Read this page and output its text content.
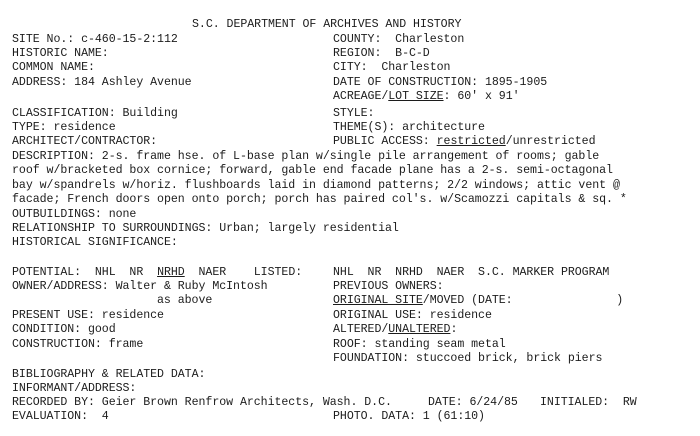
S.C. DEPARTMENT OF ARCHIVES AND HISTORY
SITE No.: c-460-15-2:112
HISTORIC NAME:
COMMON NAME:
ADDRESS: 184 Ashley Avenue
COUNTY:  Charleston
REGION:  B-C-D
CITY:  Charleston
DATE OF CONSTRUCTION: 1895-1905
ACREAGE/LOT SIZE: 60' x 91'
CLASSIFICATION: Building
TYPE: residence
ARCHITECT/CONTRACTOR:
STYLE:
THEME(S): architecture
PUBLIC ACCESS: restricted/unrestricted
DESCRIPTION: 2-s. frame hse. of L-base plan w/single pile arrangement of rooms; gable
roof w/bracketed box cornice; forward, gable end facade plane has a 2-s. semi-octagonal
bay w/spandrels w/horiz. flushboards laid in diamond patterns; 2/2 windows; attic vent @
facade; French doors open onto porch; porch has paired col's. w/Scamozzi capitals & sq. *
OUTBUILDINGS: none
RELATIONSHIP TO SURROUNDINGS: Urban; largely residential
HISTORICAL SIGNIFICANCE:
POTENTIAL:  NHL  NR  NRHD  NAER    LISTED:	NHL  NR  NRHD  NAER  S.C. MARKER PROGRAM
OWNER/ADDRESS: Walter & Ruby McIntosh
as above
PREVIOUS OWNERS:
ORIGINAL SITE/MOVED (DATE:               )
PRESENT USE: residence	ORIGINAL USE: residence
CONDITION: good	ALTERED/UNALTERED:
CONSTRUCTION: frame	ROOF: standing seam metal
FOUNDATION: stuccoed brick, brick piers
BIBLIOGRAPHY & RELATED DATA:
INFORMANT/ADDRESS:
RECORDED BY: Geier Brown Renfrow Architects, Wash. D.C.	DATE: 6/24/85 INITIALED:  RW
EVALUATION:  4	PHOTO. DATA: 1 (61:10)
